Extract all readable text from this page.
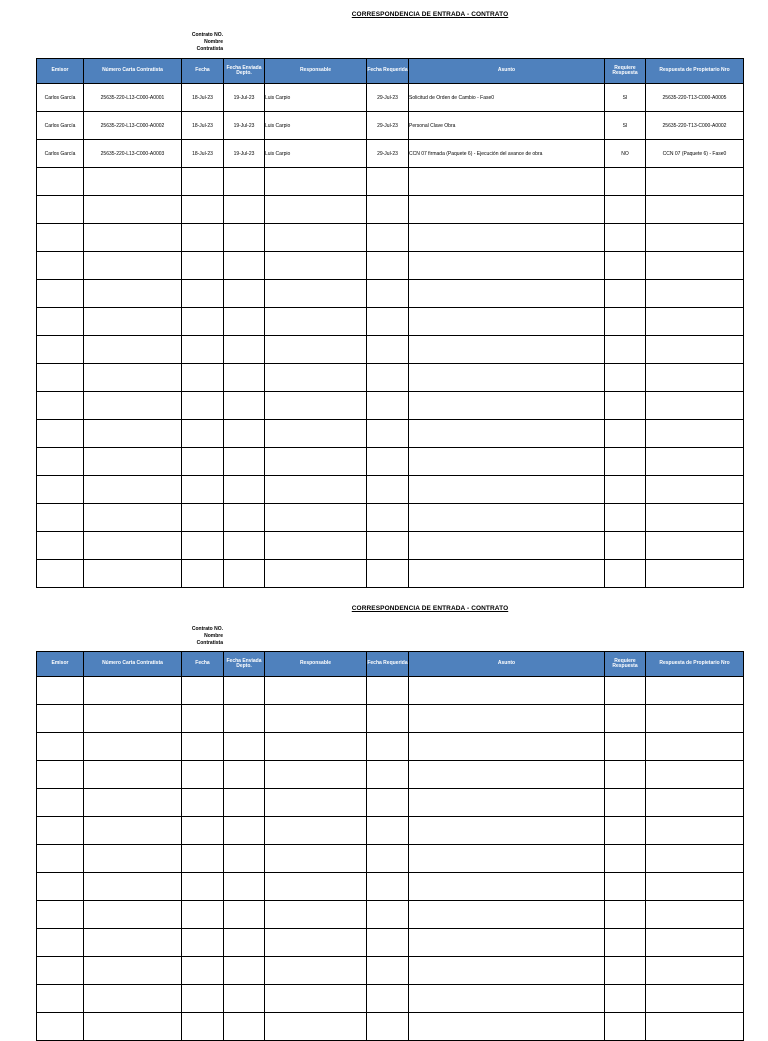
CORRESPONDENCIA DE ENTRADA - CONTRATO
Contrato NO.
Nombre
Contratista
Emisor	Número Carta Contratista	Fecha	Fecha Enviada Depto.	Responsable	Fecha Requerida	Asunto	Requiere Respuesta	Respuesta de Propietario Nro
Carlos García	25635-220-L13-C000-A0001	18-Jul-23	19-Jul-23	Luis Carpio	29-Jul-23	Solicitud de Orden de Cambio - Fase0	SI	25635-220-T13-C000-A0005
Carlos García	25635-220-L13-C000-A0002	18-Jul-23	19-Jul-23	Luis Carpio	29-Jul-23	Personal Clave Obra	SI	25635-220-T13-C000-A0002
Carlos García	25635-220-L13-C000-A0003	18-Jul-23	19-Jul-23	Luis Carpio	29-Jul-23	CCN 07 firmada (Paquete 6) - Ejecución del avance de obra	NO	CCN 07 (Paquete 6) - Fase0

CORRESPONDENCIA DE ENTRADA - CONTRATO
Contrato NO.
Nombre
Contratista
Emisor	Número Carta Contratista	Fecha	Fecha Enviada Depto.	Responsable	Fecha Requerida	Asunto	Requiere Respuesta	Respuesta de Propietario Nro
